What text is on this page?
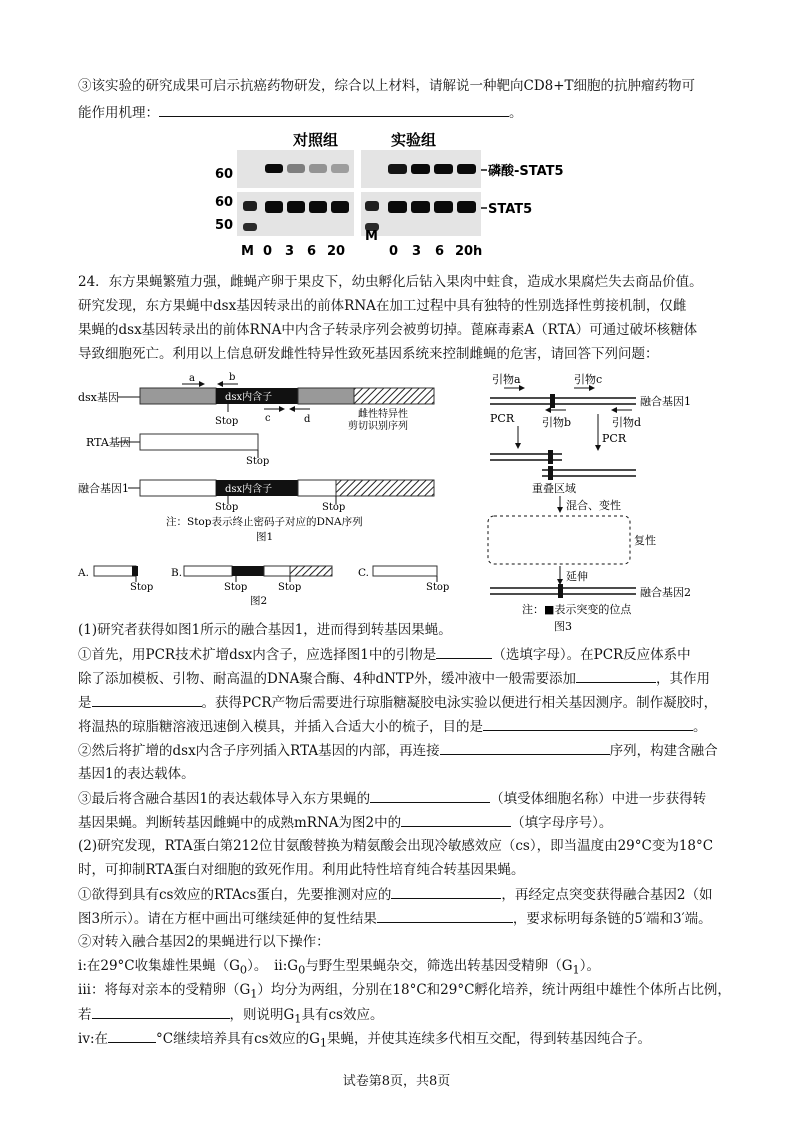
③该实验的研究成果可启示抗癌药物研发，综合以上材料，请解说一种靶向CD8+T细胞的抗肿瘤药物可
能作用机理：	。
对照组	实验组
60
60
50
磷酸-STAT5
STAT5
M 0 3 6 20
M
0 3 6 20 h
24．东方果蝇繁殖力强，雌蝇产卵于果皮下，幼虫孵化后钻入果肉中蛀食，造成水果腐烂失去商品价值。
研究发现，东方果蝇中dsx基因转录出的前体RNA在加工过程中具有独特的性别选择性剪接机制，仅雌
果蝇的dsx基因转录出的前体RNA中内含子转录序列会被剪切掉。蓖麻毒素A（RTA）可通过破坏核糖体
导致细胞死亡。利用以上信息研发雌性特异性致死基因系统来控制雌蝇的危害，请回答下列问题：
dsx基因	dsx内含子
a	b
c	d
Stop
雌性特异性
剪切识别序列
RTA基因
Stop
融合基因1	dsx内含子
Stop	Stop
注：Stop表示终止密码子对应的DNA序列
图1
A.
Stop
B.
Stop	Stop
C.
Stop
图2
引物a	引物c
融合基因1
引物b	引物d
PCR
PCR
重叠区域
混合、变性
复性
延伸
融合基因2
注：■表示突变的位点
图3
(1)研究者获得如图1所示的融合基因1，进而得到转基因果蝇。
①首先，用PCR技术扩增dsx内含子，应选择图1中的引物是	（选填字母）。在PCR反应体系中
除了添加模板、引物、耐高温的DNA聚合酶、4种dNTP外，缓冲液中一般需要添加	，其作用
是	。获得PCR产物后需要进行琼脂糖凝胶电泳实验以便进行相关基因测序。制作凝胶时，
将温热的琼脂糖溶液迅速倒入模具，并插入合适大小的梳子，目的是	。
②然后将扩增的dsx内含子序列插入RTA基因的内部，再连接	序列，构建含融合
基因1的表达载体。
③最后将含融合基因1的表达载体导入东方果蝇的	（填受体细胞名称）中进一步获得转
基因果蝇。判断转基因雌蝇中的成熟mRNA为图2中的	（填字母序号）。
(2)研究发现，RTA蛋白第212位甘氨酸替换为精氨酸会出现冷敏感效应（cs），即当温度由29°C变为18°C
时，可抑制RTA蛋白对细胞的致死作用。利用此特性培育纯合转基因果蝇。
①欲得到具有cs效应的RTAcs蛋白，先要推测对应的	，再经定点突变获得融合基因2（如
图3所示）。请在方框中画出可继续延伸的复性结果	，要求标明每条链的5′端和3′端。
②对转入融合基因2的果蝇进行以下操作：
i:在29°C收集雄性果蝇$(G_0)$。　$ii:G_0$与野生型果蝇杂交，筛选出转基因受精卵$(G_1)$。
iii：将每对亲本的受精卵$(G_1)$均分为两组，分别在18°C和29°C孵化培养，统计两组中雄性个体所占比例，
若	，则说明$G_1$具有cs效应。
iv:在	°C继续培养具有cs效应的$G_1$果蝇，并使其连续多代相互交配，得到转基因纯合子。
试卷第8页，共8页
